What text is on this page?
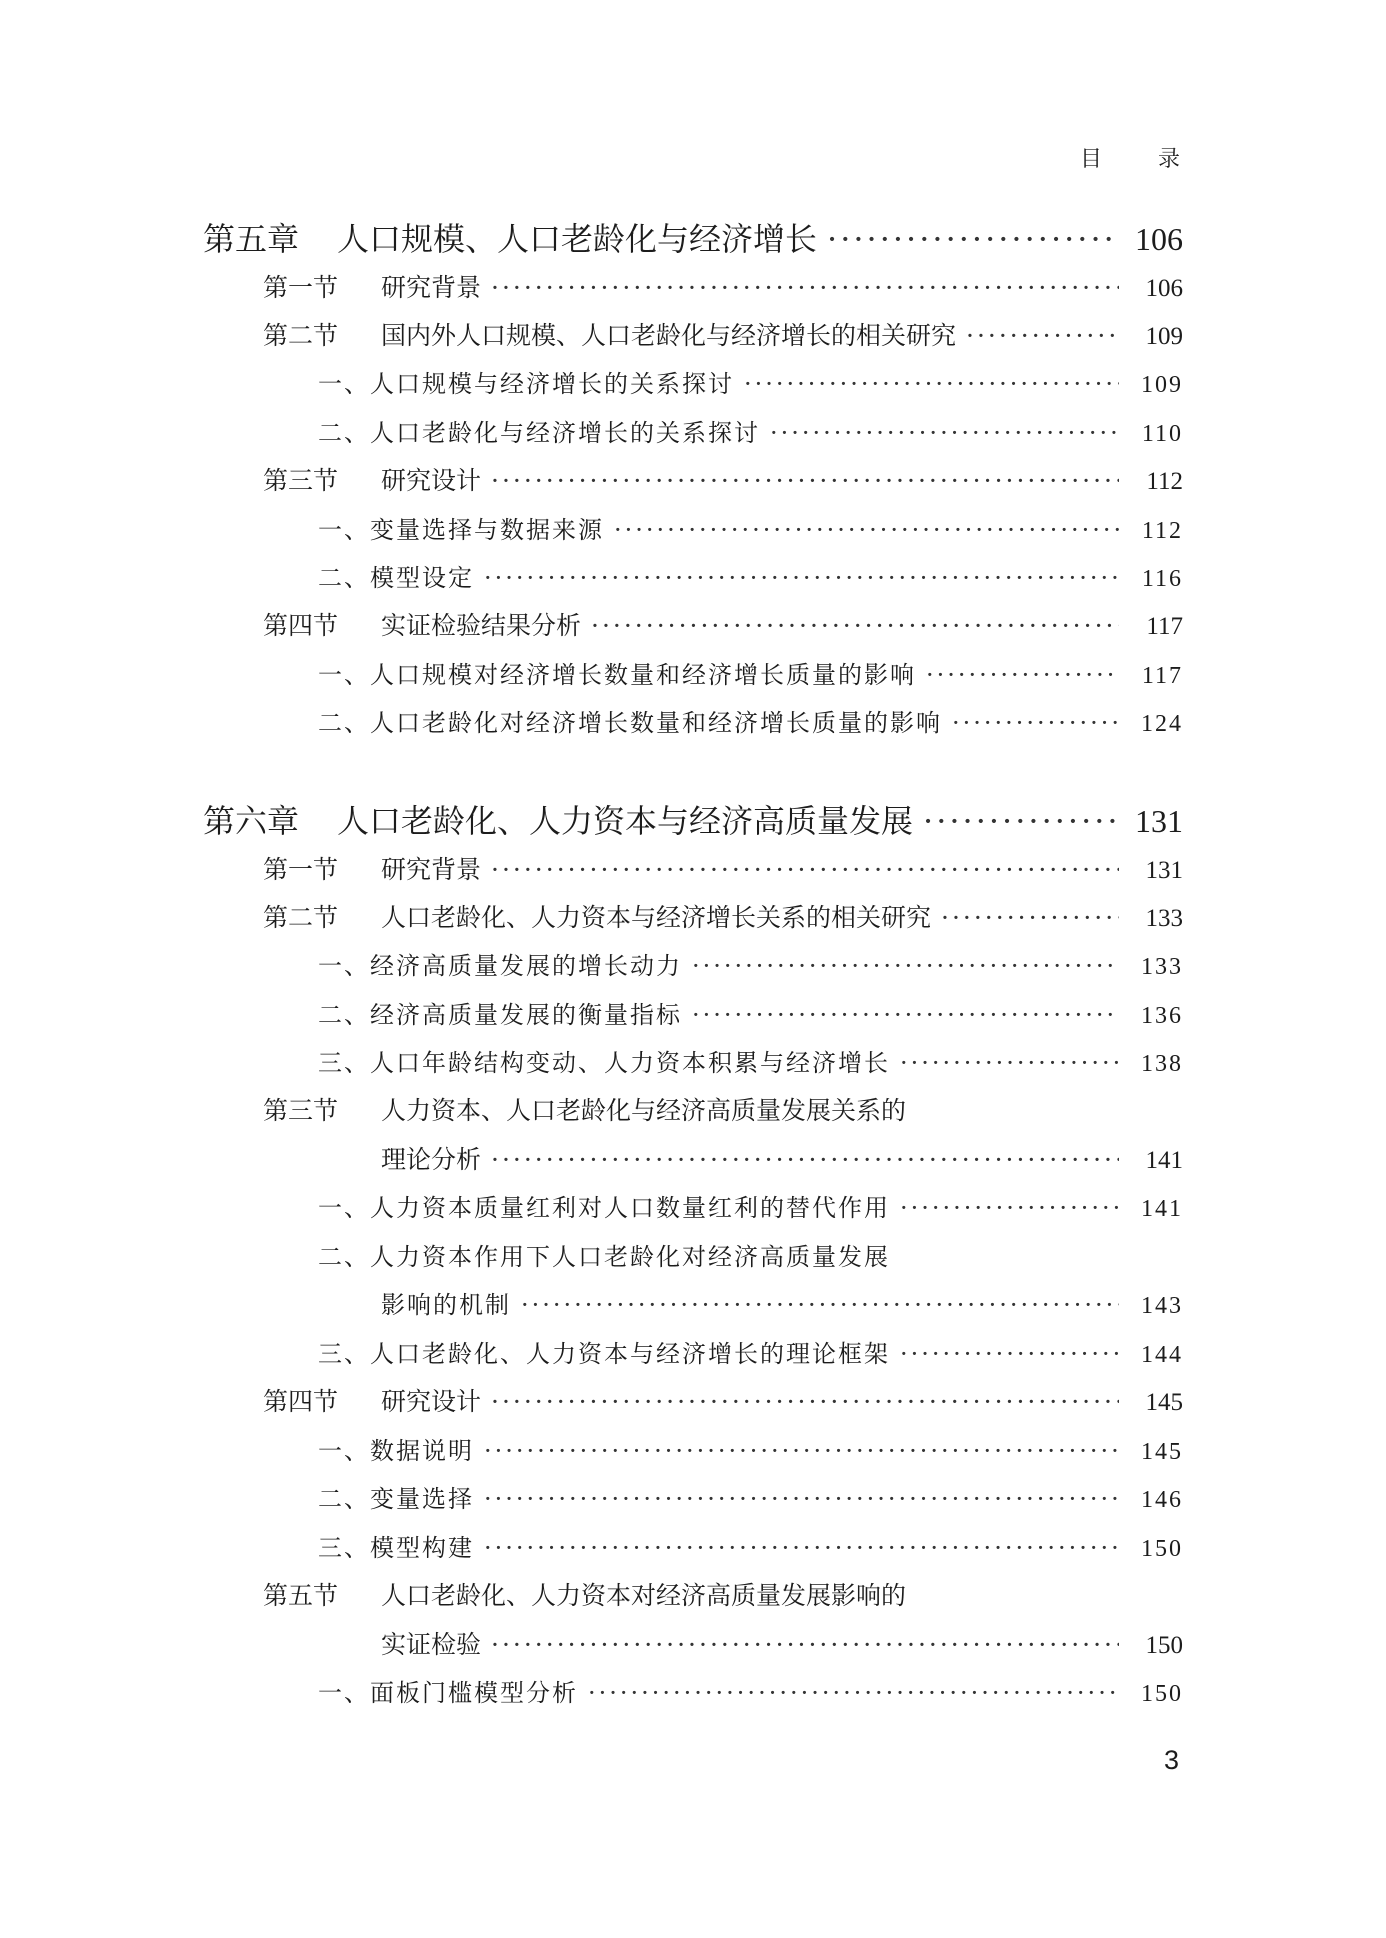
目	录
第五章	人口规模、人口老龄化与经济增长 ·····	106
第一节	研究背景 ·····	106
第二节	国内外人口规模、人口老龄化与经济增长的相关研究 ·····	109
一、人口规模与经济增长的关系探讨 ·····	109
二、人口老龄化与经济增长的关系探讨 ·····	110
第三节	研究设计 ·····	112
一、变量选择与数据来源 ·····	112
二、模型设定 ·····	116
第四节	实证检验结果分析 ·····	117
一、人口规模对经济增长数量和经济增长质量的影响 ·····	117
二、人口老龄化对经济增长数量和经济增长质量的影响 ·····	124
第六章	人口老龄化、人力资本与经济高质量发展 ·····	131
第一节	研究背景 ·····	131
第二节	人口老龄化、人力资本与经济增长关系的相关研究 ·····	133
一、经济高质量发展的增长动力 ·····	133
二、经济高质量发展的衡量指标 ·····	136
三、人口年龄结构变动、人力资本积累与经济增长 ·····	138
第三节	人力资本、人口老龄化与经济高质量发展关系的
理论分析 ·····	141
一、人力资本质量红利对人口数量红利的替代作用 ·····	141
二、人力资本作用下人口老龄化对经济高质量发展
影响的机制 ·····	143
三、人口老龄化、人力资本与经济增长的理论框架 ·····	144
第四节	研究设计 ·····	145
一、数据说明 ·····	145
二、变量选择 ·····	146
三、模型构建 ·····	150
第五节	人口老龄化、人力资本对经济高质量发展影响的
实证检验 ·····	150
一、面板门槛模型分析 ·····	150
3
